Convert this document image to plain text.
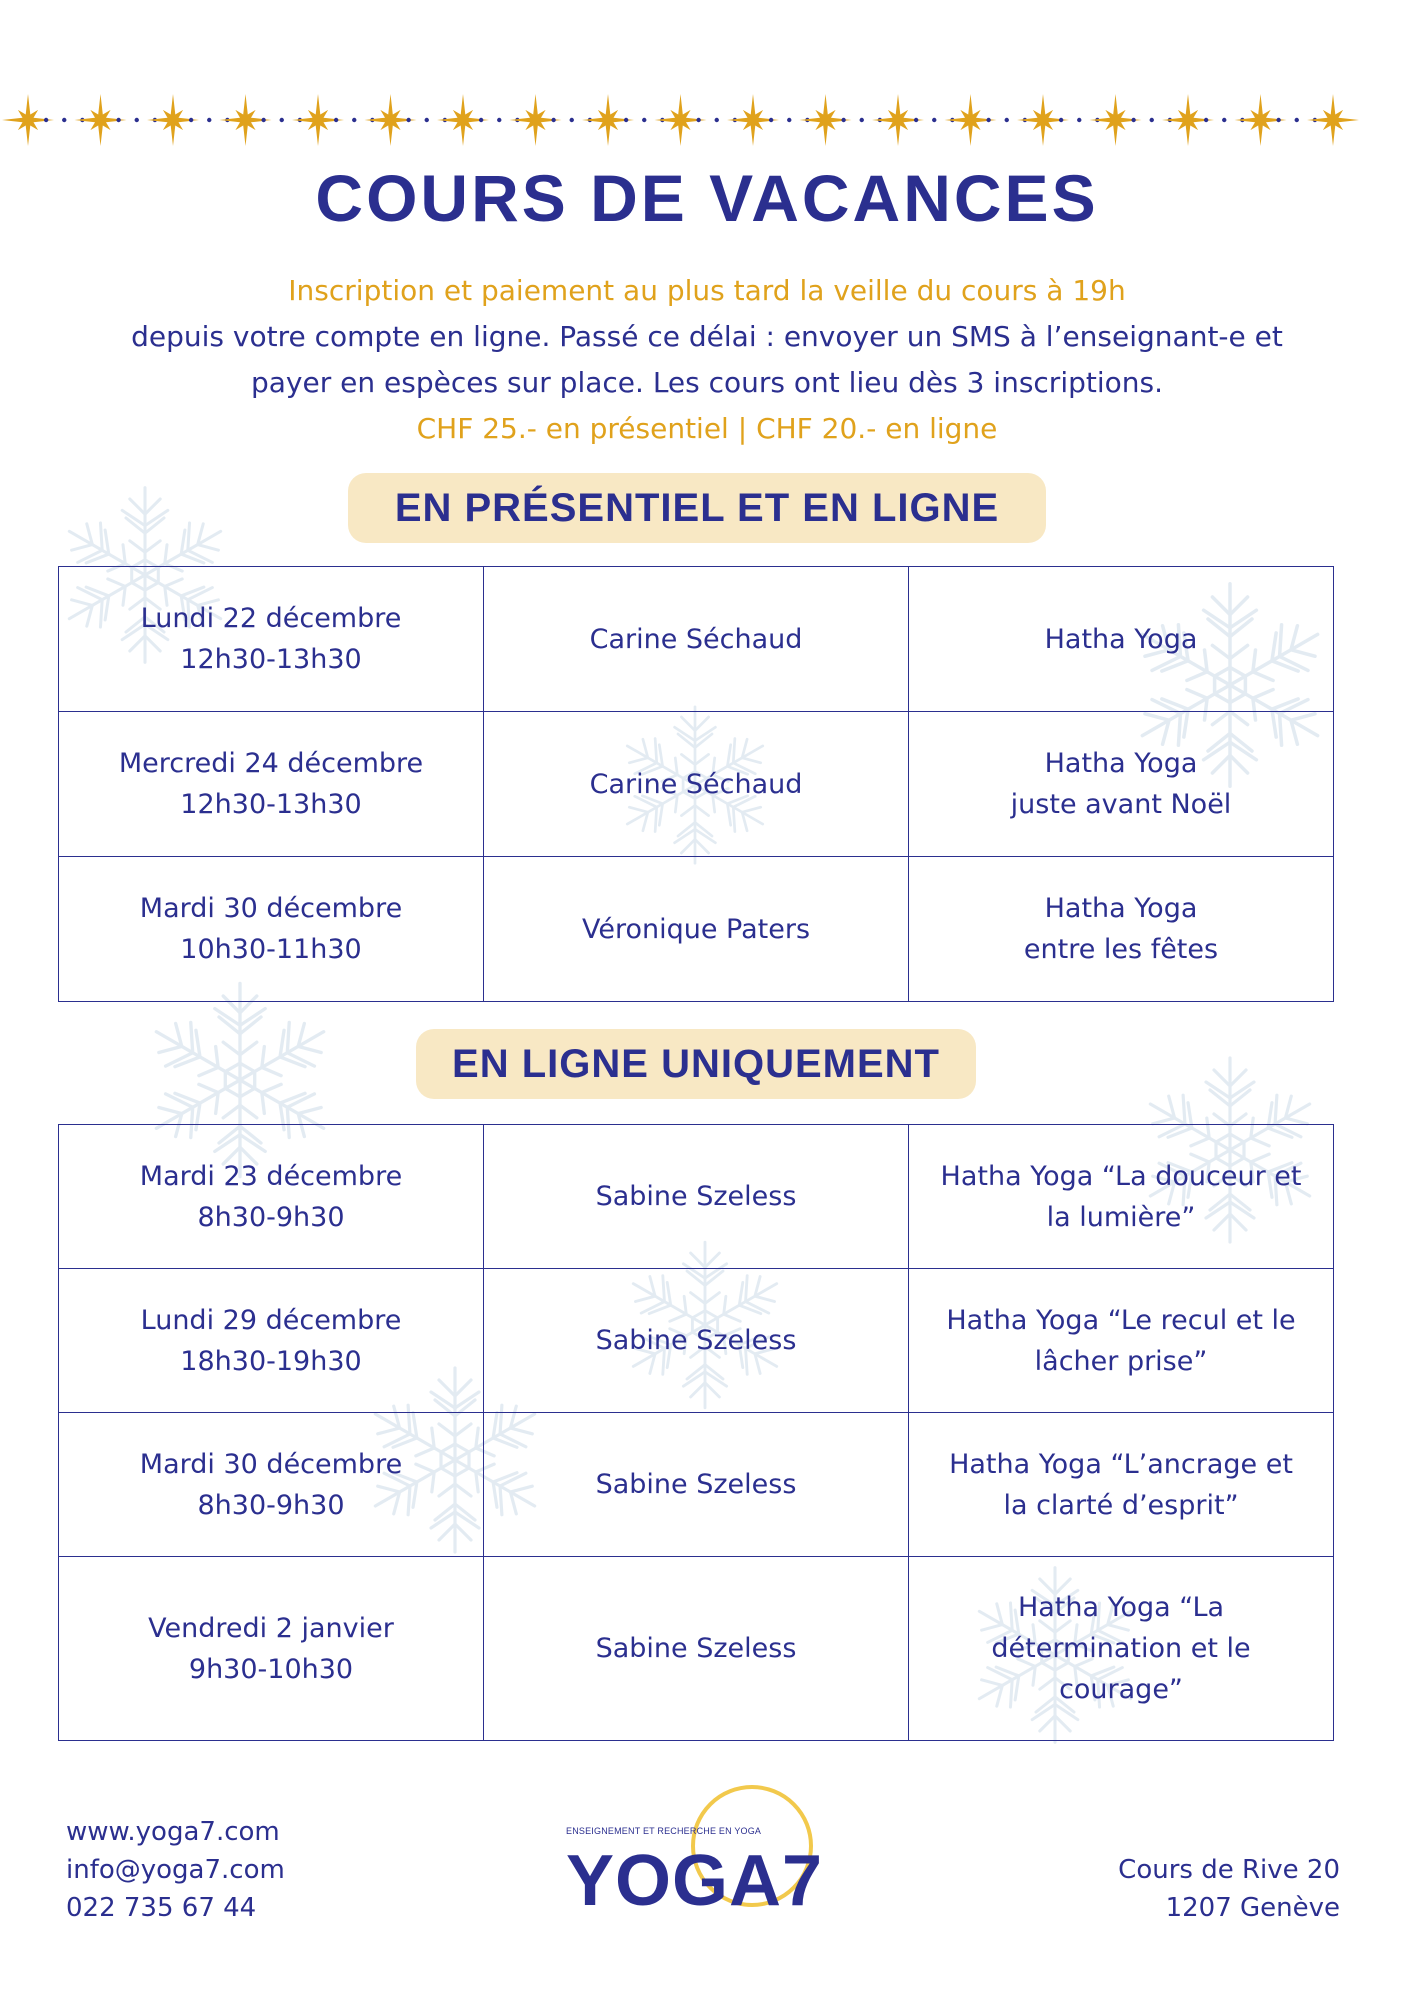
COURS DE VACANCES
Inscription et paiement au plus tard la veille du cours à 19h
depuis votre compte en ligne. Passé ce délai : envoyer un SMS à l’enseignant-e et
payer en espèces sur place. Les cours ont lieu dès 3 inscriptions.
CHF 25.- en présentiel | CHF 20.- en ligne
EN PRÉSENTIEL ET EN LIGNE
Lundi 22 décembre
12h30-13h30	Carine Séchaud	Hatha Yoga

Mercredi 24 décembre
12h30-13h30	Carine Séchaud	Hatha Yoga
juste avant Noël

Mardi 30 décembre
10h30-11h30	Véronique Paters	Hatha Yoga
entre les fêtes
EN LIGNE UNIQUEMENT
Mardi 23 décembre
8h30-9h30	Sabine Szeless	Hatha Yoga “La douceur et
la lumière”

Lundi 29 décembre
18h30-19h30	Sabine Szeless	Hatha Yoga “Le recul et le
lâcher prise”

Mardi 30 décembre
8h30-9h30	Sabine Szeless	Hatha Yoga “L’ancrage et
la clarté d’esprit”

Vendredi 2 janvier
9h30-10h30	Sabine Szeless	Hatha Yoga “La
détermination et le
courage”
www.yoga7.com
info@yoga7.com
022 735 67 44
ENSEIGNEMENT ET RECHERCHE EN YOGA
YOGA7	Cours de Rive 20
1207 Genève
